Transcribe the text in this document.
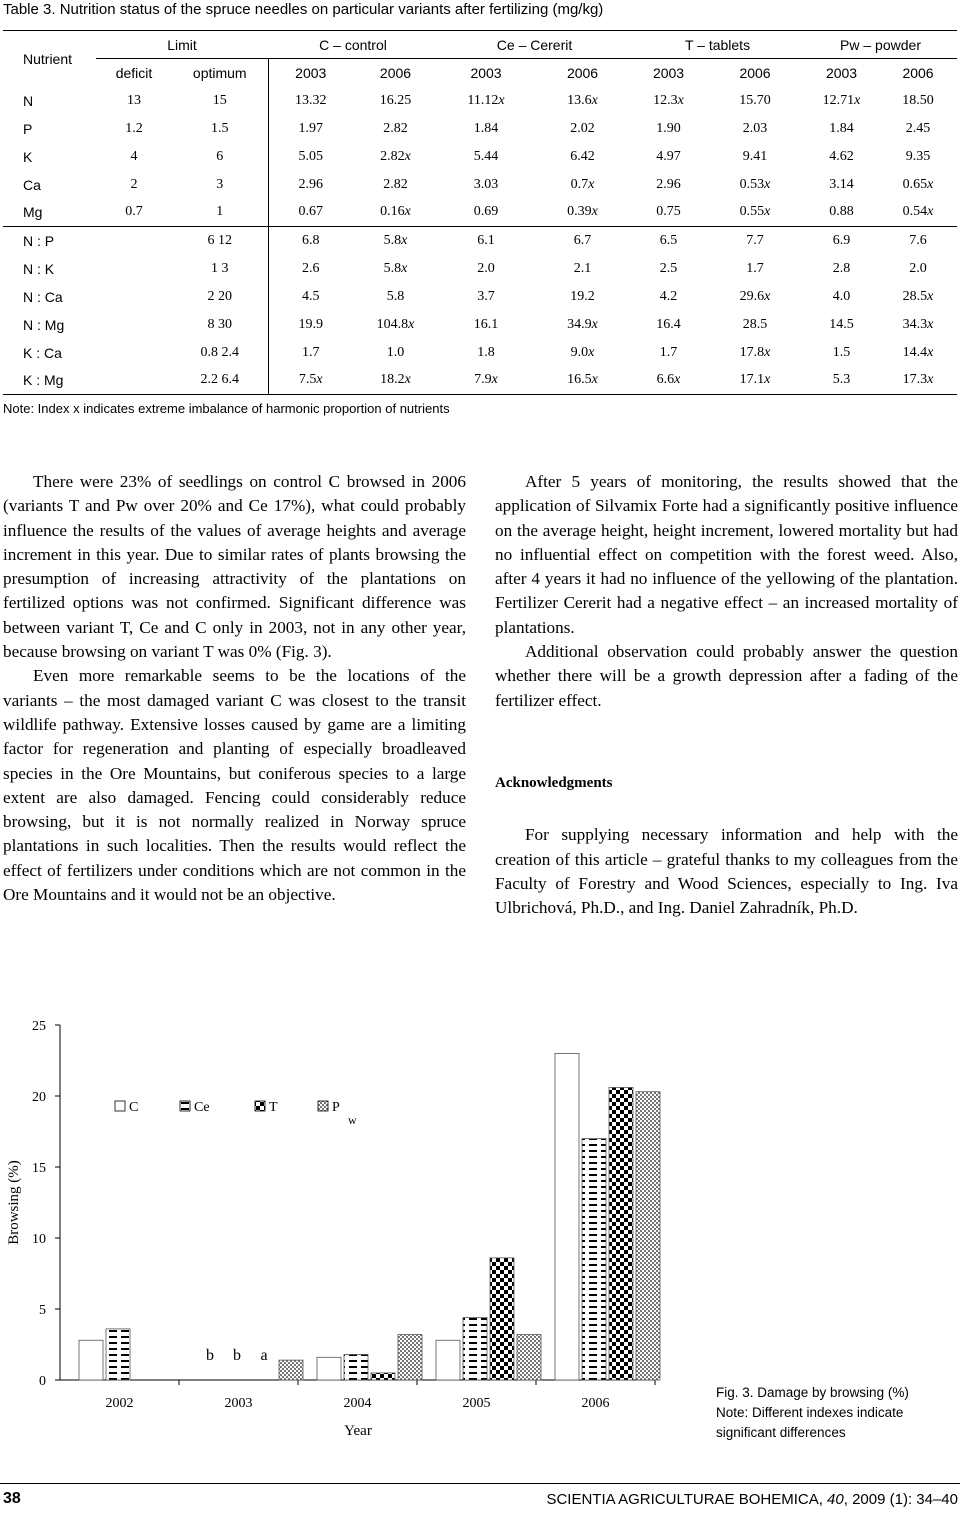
Table 3. Nutrition status of the spruce needles on particular variants after fertilizing (mg/kg)
Nutrient	Limit		C – control		Ce – Cererit		T – tablets		Pw – powder	
	deficit	optimum	2003	2006	2003	2006	2003	2006	2003	2006
N	13	15	13.32	16.25	11.12x	13.6x	12.3x	15.70	12.71x	18.50
P	1.2	1.5	1.97	2.82	1.84	2.02	1.90	2.03	1.84	2.45
K	4	6	5.05	2.82x	5.44	6.42	4.97	9.41	4.62	9.35
Ca	2	3	2.96	2.82	3.03	0.7x	2.96	0.53x	3.14	0.65x
Mg	0.7	1	0.67	0.16x	0.69	0.39x	0.75	0.55x	0.88	0.54x
N : P		6 12	6.8	5.8x	6.1	6.7	6.5	7.7	6.9	7.6
N : K		1 3	2.6	5.8x	2.0	2.1	2.5	1.7	2.8	2.0
N : Ca		2 20	4.5	5.8	3.7	19.2	4.2	29.6x	4.0	28.5x
N : Mg		8 30	19.9	104.8x	16.1	34.9x	16.4	28.5	14.5	34.3x
K : Ca		0.8 2.4	1.7	1.0	1.8	9.0x	1.7	17.8x	1.5	14.4x
K : Mg		2.2 6.4	7.5x	18.2x	7.9x	16.5x	6.6x	17.1x	5.3	17.3x
Note: Index x indicates extreme imbalance of harmonic proportion of nutrients

There were 23% of seedlings on control C browsed in 2006 (variants T and Pw over 20% and Ce 17%), what could probably influence the results of the values of average heights and average increment in this year. Due to similar rates of plants browsing the presumption of increasing attractivity of the plantations on fertilized options was not confirmed. Significant difference was between variant T, Ce and C only in 2003, not in any other year, because browsing on variant T was 0% (Fig. 3).

Even more remarkable seems to be the locations of the variants – the most damaged variant C was closest to the transit wildlife pathway. Extensive losses caused by game are a limiting factor for regeneration and planting of especially broadleaved species in the Ore Mountains, but coniferous species to a large extent are also damaged. Fencing could considerably reduce browsing, but it is not normally realized in Norway spruce plantations in such localities. Then the results would reflect the effect of fertilizers under conditions which are not common in the Ore Mountains and it would not be an objective.

After 5 years of monitoring, the results showed that the application of Silvamix Forte had a significantly positive influence on the average height, height increment, lowered mortality but had no influential effect on competition with the forest weed. Also, after 4 years it had no influence of the yellowing of the plantation. Fertilizer Cererit had a negative effect – an increased mortality of plantations.

Additional observation could probably answer the question whether there will be a growth depression after a fading of the fertilizer effect.

Acknowledgments

For supplying necessary information and help with the creation of this article – grateful thanks to my colleagues from the Faculty of Forestry and Wood Sciences, especially to Ing. Iva Ulbrichová, Ph.D., and Ing. Daniel Zahradník, Ph.D.

0
5
10
15
20
25
Browsing (%)
Year
2002	2003	2004	2005	2006
b b a
C	Ce	T	P
w
Fig. 3. Damage by browsing (%)
Note: Different indexes indicate significant differences
38	SCIENTIA AGRICULTURAE BOHEMICA, 40, 2009 (1): 34–40
